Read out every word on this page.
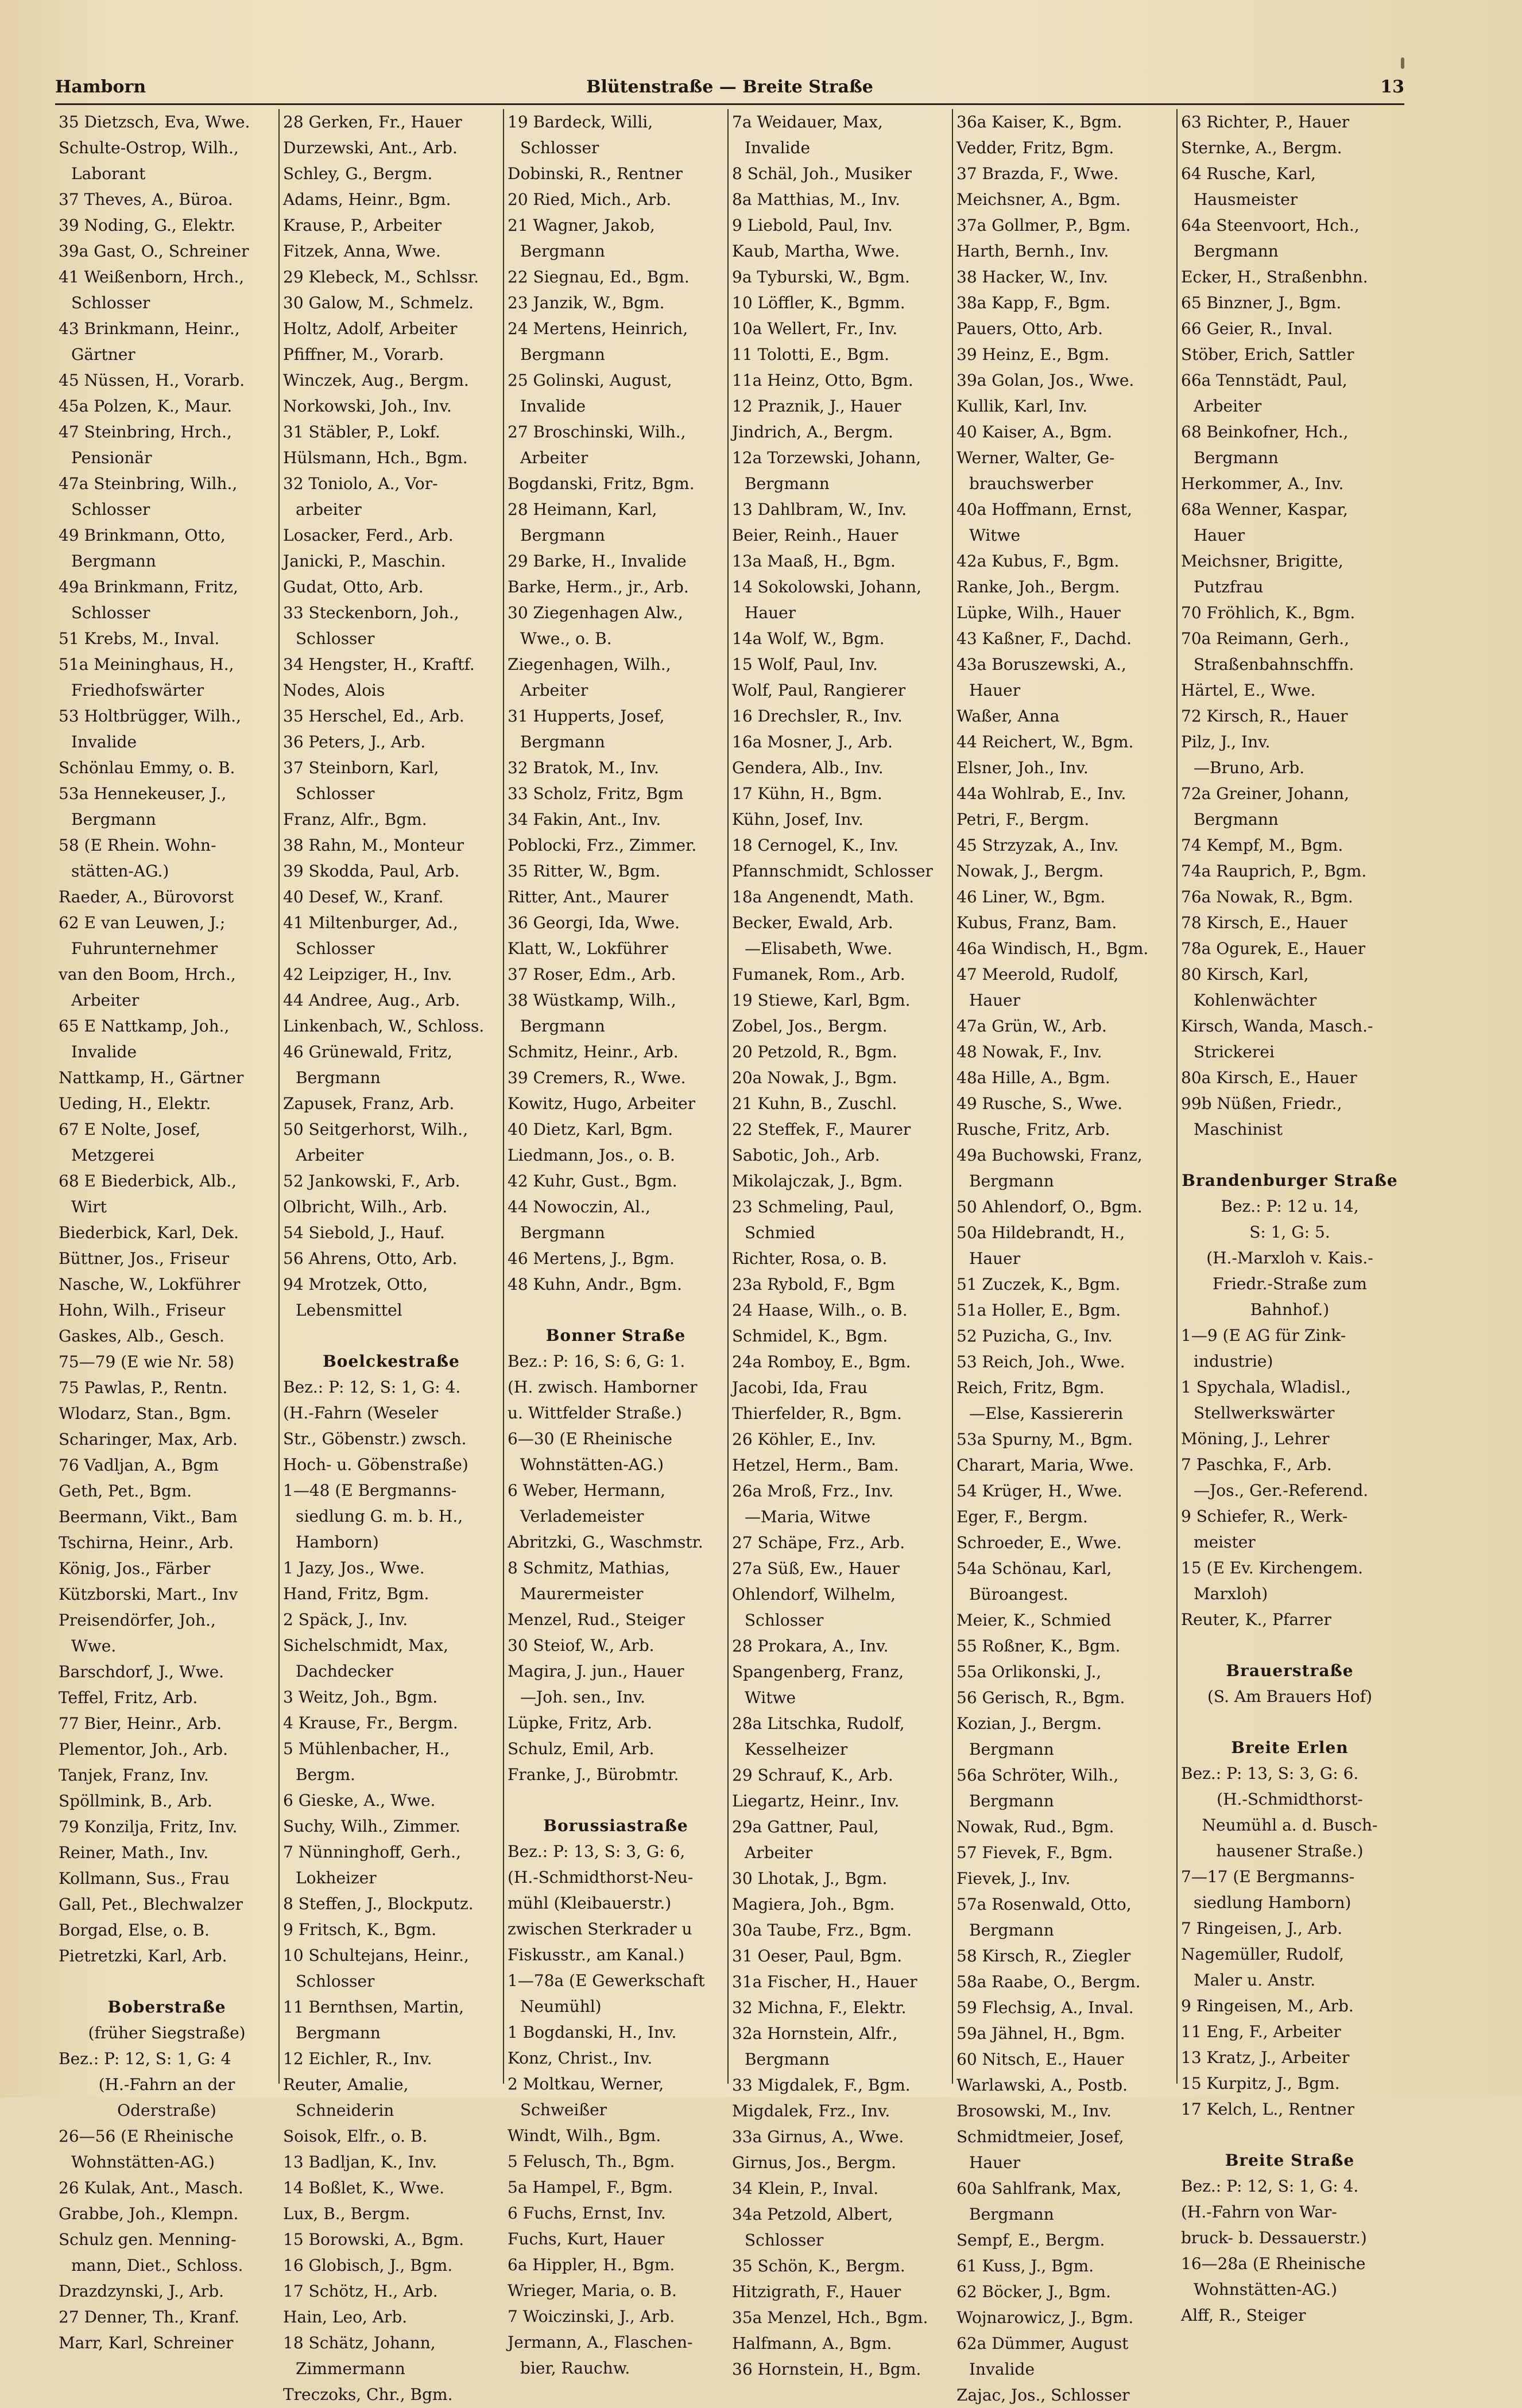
Hamborn	Blütenstraße — Breite Straße	13
35 Dietzsch, Eva, Wwe.
Schulte-Ostrop, Wilh.,
Laborant
37 Theves, A., Büroa.
39 Noding, G., Elektr.
39a Gast, O., Schreiner
41 Weißenborn, Hrch.,
Schlosser
43 Brinkmann, Heinr.,
Gärtner
45 Nüssen, H., Vorarb.
45a Polzen, K., Maur.
47 Steinbring, Hrch.,
Pensionär
47a Steinbring, Wilh.,
Schlosser
49 Brinkmann, Otto,
Bergmann
49a Brinkmann, Fritz,
Schlosser
51 Krebs, M., Inval.
51a Meininghaus, H.,
Friedhofswärter
53 Holtbrügger, Wilh.,
Invalide
Schönlau Emmy, o. B.
53a Hennekeuser, J.,
Bergmann
58 (E Rhein. Wohn-
stätten-AG.)
Raeder, A., Bürovorst
62 E van Leuwen, J.;
Fuhrunternehmer
van den Boom, Hrch.,
Arbeiter
65 E Nattkamp, Joh.,
Invalide
Nattkamp, H., Gärtner
Ueding, H., Elektr.
67 E Nolte, Josef,
Metzgerei
68 E Biederbick, Alb.,
Wirt
Biederbick, Karl, Dek.
Büttner, Jos., Friseur
Nasche, W., Lokführer
Hohn, Wilh., Friseur
Gaskes, Alb., Gesch.
75—79 (E wie Nr. 58)
75 Pawlas, P., Rentn.
Wlodarz, Stan., Bgm.
Scharinger, Max, Arb.
76 Vadljan, A., Bgm
Geth, Pet., Bgm.
Beermann, Vikt., Bam
Tschirna, Heinr., Arb.
König, Jos., Färber
Kützborski, Mart., Inv
Preisendörfer, Joh.,
Wwe.
Barschdorf, J., Wwe.
Teffel, Fritz, Arb.
77 Bier, Heinr., Arb.
Plementor, Joh., Arb.
Tanjek, Franz, Inv.
Spöllmink, B., Arb.
79 Konzilja, Fritz, Inv.
Reiner, Math., Inv.
Kollmann, Sus., Frau
Gall, Pet., Blechwalzer
Borgad, Else, o. B.
Pietretzki, Karl, Arb.
Boberstraße
(früher Siegstraße)
Bez.: P: 12, S: 1, G: 4
(H.-Fahrn an der
Oderstraße)
26—56 (E Rheinische
Wohnstätten-AG.)
26 Kulak, Ant., Masch.
Grabbe, Joh., Klempn.
Schulz gen. Menning-
mann, Diet., Schloss.
Drazdzynski, J., Arb.
27 Denner, Th., Kranf.
Marr, Karl, Schreiner
28 Gerken, Fr., Hauer
Durzewski, Ant., Arb.
Schley, G., Bergm.
Adams, Heinr., Bgm.
Krause, P., Arbeiter
Fitzek, Anna, Wwe.
29 Klebeck, M., Schlssr.
30 Galow, M., Schmelz.
Holtz, Adolf, Arbeiter
Pfiffner, M., Vorarb.
Winczek, Aug., Bergm.
Norkowski, Joh., Inv.
31 Stäbler, P., Lokf.
Hülsmann, Hch., Bgm.
32 Toniolo, A., Vor-
arbeiter
Losacker, Ferd., Arb.
Janicki, P., Maschin.
Gudat, Otto, Arb.
33 Steckenborn, Joh.,
Schlosser
34 Hengster, H., Kraftf.
Nodes, Alois
35 Herschel, Ed., Arb.
36 Peters, J., Arb.
37 Steinborn, Karl,
Schlosser
Franz, Alfr., Bgm.
38 Rahn, M., Monteur
39 Skodda, Paul, Arb.
40 Desef, W., Kranf.
41 Miltenburger, Ad.,
Schlosser
42 Leipziger, H., Inv.
44 Andree, Aug., Arb.
Linkenbach, W., Schloss.
46 Grünewald, Fritz,
Bergmann
Zapusek, Franz, Arb.
50 Seitgerhorst, Wilh.,
Arbeiter
52 Jankowski, F., Arb.
Olbricht, Wilh., Arb.
54 Siebold, J., Hauf.
56 Ahrens, Otto, Arb.
94 Mrotzek, Otto,
Lebensmittel
Boelckestraße
Bez.: P: 12, S: 1, G: 4.
(H.-Fahrn (Weseler
Str., Göbenstr.) zwsch.
Hoch- u. Göbenstraße)
1—48 (E Bergmanns-
siedlung G. m. b. H.,
Hamborn)
1 Jazy, Jos., Wwe.
Hand, Fritz, Bgm.
2 Späck, J., Inv.
Sichelschmidt, Max,
Dachdecker
3 Weitz, Joh., Bgm.
4 Krause, Fr., Bergm.
5 Mühlenbacher, H.,
Bergm.
6 Gieske, A., Wwe.
Suchy, Wilh., Zimmer.
7 Nünninghoff, Gerh.,
Lokheizer
8 Steffen, J., Blockputz.
9 Fritsch, K., Bgm.
10 Schultejans, Heinr.,
Schlosser
11 Bernthsen, Martin,
Bergmann
12 Eichler, R., Inv.
Reuter, Amalie,
Schneiderin
Soisok, Elfr., o. B.
13 Badljan, K., Inv.
14 Boßlet, K., Wwe.
Lux, B., Bergm.
15 Borowski, A., Bgm.
16 Globisch, J., Bgm.
17 Schötz, H., Arb.
Hain, Leo, Arb.
18 Schätz, Johann,
Zimmermann
Treczoks, Chr., Bgm.
19 Bardeck, Willi,
Schlosser
Dobinski, R., Rentner
20 Ried, Mich., Arb.
21 Wagner, Jakob,
Bergmann
22 Siegnau, Ed., Bgm.
23 Janzik, W., Bgm.
24 Mertens, Heinrich,
Bergmann
25 Golinski, August,
Invalide
27 Broschinski, Wilh.,
Arbeiter
Bogdanski, Fritz, Bgm.
28 Heimann, Karl,
Bergmann
29 Barke, H., Invalide
Barke, Herm., jr., Arb.
30 Ziegenhagen Alw.,
Wwe., o. B.
Ziegenhagen, Wilh.,
Arbeiter
31 Hupperts, Josef,
Bergmann
32 Bratok, M., Inv.
33 Scholz, Fritz, Bgm
34 Fakin, Ant., Inv.
Poblocki, Frz., Zimmer.
35 Ritter, W., Bgm.
Ritter, Ant., Maurer
36 Georgi, Ida, Wwe.
Klatt, W., Lokführer
37 Roser, Edm., Arb.
38 Wüstkamp, Wilh.,
Bergmann
Schmitz, Heinr., Arb.
39 Cremers, R., Wwe.
Kowitz, Hugo, Arbeiter
40 Dietz, Karl, Bgm.
Liedmann, Jos., o. B.
42 Kuhr, Gust., Bgm.
44 Nowoczin, Al.,
Bergmann
46 Mertens, J., Bgm.
48 Kuhn, Andr., Bgm.
Bonner Straße
Bez.: P: 16, S: 6, G: 1.
(H. zwisch. Hamborner
u. Wittfelder Straße.)
6—30 (E Rheinische
Wohnstätten-AG.)
6 Weber, Hermann,
Verlademeister
Abritzki, G., Waschmstr.
8 Schmitz, Mathias,
Maurermeister
Menzel, Rud., Steiger
30 Steiof, W., Arb.
Magira, J. jun., Hauer
—Joh. sen., Inv.
Lüpke, Fritz, Arb.
Schulz, Emil, Arb.
Franke, J., Bürobmtr.
Borussiastraße
Bez.: P: 13, S: 3, G: 6,
(H.-Schmidthorst-Neu-
mühl (Kleibauerstr.)
zwischen Sterkrader u
Fiskusstr., am Kanal.)
1—78a (E Gewerkschaft
Neumühl)
1 Bogdanski, H., Inv.
Konz, Christ., Inv.
2 Moltkau, Werner,
Schweißer
Windt, Wilh., Bgm.
5 Felusch, Th., Bgm.
5a Hampel, F., Bgm.
6 Fuchs, Ernst, Inv.
Fuchs, Kurt, Hauer
6a Hippler, H., Bgm.
Wrieger, Maria, o. B.
7 Woiczinski, J., Arb.
Jermann, A., Flaschen-
bier, Rauchw.
7a Weidauer, Max,
Invalide
8 Schäl, Joh., Musiker
8a Matthias, M., Inv.
9 Liebold, Paul, Inv.
Kaub, Martha, Wwe.
9a Tyburski, W., Bgm.
10 Löffler, K., Bgmm.
10a Wellert, Fr., Inv.
11 Tolotti, E., Bgm.
11a Heinz, Otto, Bgm.
12 Praznik, J., Hauer
Jindrich, A., Bergm.
12a Torzewski, Johann,
Bergmann
13 Dahlbram, W., Inv.
Beier, Reinh., Hauer
13a Maaß, H., Bgm.
14 Sokolowski, Johann,
Hauer
14a Wolf, W., Bgm.
15 Wolf, Paul, Inv.
Wolf, Paul, Rangierer
16 Drechsler, R., Inv.
16a Mosner, J., Arb.
Gendera, Alb., Inv.
17 Kühn, H., Bgm.
Kühn, Josef, Inv.
18 Cernogel, K., Inv.
Pfannschmidt, Schlosser
18a Angenendt, Math.
Becker, Ewald, Arb.
—Elisabeth, Wwe.
Fumanek, Rom., Arb.
19 Stiewe, Karl, Bgm.
Zobel, Jos., Bergm.
20 Petzold, R., Bgm.
20a Nowak, J., Bgm.
21 Kuhn, B., Zuschl.
22 Steffek, F., Maurer
Sabotic, Joh., Arb.
Mikolajczak, J., Bgm.
23 Schmeling, Paul,
Schmied
Richter, Rosa, o. B.
23a Rybold, F., Bgm
24 Haase, Wilh., o. B.
Schmidel, K., Bgm.
24a Romboy, E., Bgm.
Jacobi, Ida, Frau
Thierfelder, R., Bgm.
26 Köhler, E., Inv.
Hetzel, Herm., Bam.
26a Mroß, Frz., Inv.
—Maria, Witwe
27 Schäpe, Frz., Arb.
27a Süß, Ew., Hauer
Ohlendorf, Wilhelm,
Schlosser
28 Prokara, A., Inv.
Spangenberg, Franz,
Witwe
28a Litschka, Rudolf,
Kesselheizer
29 Schrauf, K., Arb.
Liegartz, Heinr., Inv.
29a Gattner, Paul,
Arbeiter
30 Lhotak, J., Bgm.
Magiera, Joh., Bgm.
30a Taube, Frz., Bgm.
31 Oeser, Paul, Bgm.
31a Fischer, H., Hauer
32 Michna, F., Elektr.
32a Hornstein, Alfr.,
Bergmann
33 Migdalek, F., Bgm.
Migdalek, Frz., Inv.
33a Girnus, A., Wwe.
Girnus, Jos., Bergm.
34 Klein, P., Inval.
34a Petzold, Albert,
Schlosser
35 Schön, K., Bergm.
Hitzigrath, F., Hauer
35a Menzel, Hch., Bgm.
Halfmann, A., Bgm.
36 Hornstein, H., Bgm.
36a Kaiser, K., Bgm.
Vedder, Fritz, Bgm.
37 Brazda, F., Wwe.
Meichsner, A., Bgm.
37a Gollmer, P., Bgm.
Harth, Bernh., Inv.
38 Hacker, W., Inv.
38a Kapp, F., Bgm.
Pauers, Otto, Arb.
39 Heinz, E., Bgm.
39a Golan, Jos., Wwe.
Kullik, Karl, Inv.
40 Kaiser, A., Bgm.
Werner, Walter, Ge-
brauchswerber
40a Hoffmann, Ernst,
Witwe
42a Kubus, F., Bgm.
Ranke, Joh., Bergm.
Lüpke, Wilh., Hauer
43 Kaßner, F., Dachd.
43a Boruszewski, A.,
Hauer
Waßer, Anna
44 Reichert, W., Bgm.
Elsner, Joh., Inv.
44a Wohlrab, E., Inv.
Petri, F., Bergm.
45 Strzyzak, A., Inv.
Nowak, J., Bergm.
46 Liner, W., Bgm.
Kubus, Franz, Bam.
46a Windisch, H., Bgm.
47 Meerold, Rudolf,
Hauer
47a Grün, W., Arb.
48 Nowak, F., Inv.
48a Hille, A., Bgm.
49 Rusche, S., Wwe.
Rusche, Fritz, Arb.
49a Buchowski, Franz,
Bergmann
50 Ahlendorf, O., Bgm.
50a Hildebrandt, H.,
Hauer
51 Zuczek, K., Bgm.
51a Holler, E., Bgm.
52 Puzicha, G., Inv.
53 Reich, Joh., Wwe.
Reich, Fritz, Bgm.
—Else, Kassiererin
53a Spurny, M., Bgm.
Charart, Maria, Wwe.
54 Krüger, H., Wwe.
Eger, F., Bergm.
Schroeder, E., Wwe.
54a Schönau, Karl,
Büroangest.
Meier, K., Schmied
55 Roßner, K., Bgm.
55a Orlikonski, J.,
56 Gerisch, R., Bgm.
Kozian, J., Bergm.
Bergmann
56a Schröter, Wilh.,
Bergmann
Nowak, Rud., Bgm.
57 Fievek, F., Bgm.
Fievek, J., Inv.
57a Rosenwald, Otto,
Bergmann
58 Kirsch, R., Ziegler
58a Raabe, O., Bergm.
59 Flechsig, A., Inval.
59a Jähnel, H., Bgm.
60 Nitsch, E., Hauer
Warlawski, A., Postb.
Brosowski, M., Inv.
Schmidtmeier, Josef,
Hauer
60a Sahlfrank, Max,
Bergmann
Sempf, E., Bergm.
61 Kuss, J., Bgm.
62 Böcker, J., Bgm.
Wojnarowicz, J., Bgm.
62a Dümmer, August
Invalide
Zajac, Jos., Schlosser
63 Richter, P., Hauer
Sternke, A., Bergm.
64 Rusche, Karl,
Hausmeister
64a Steenvoort, Hch.,
Bergmann
Ecker, H., Straßenbhn.
65 Binzner, J., Bgm.
66 Geier, R., Inval.
Stöber, Erich, Sattler
66a Tennstädt, Paul,
Arbeiter
68 Beinkofner, Hch.,
Bergmann
Herkommer, A., Inv.
68a Wenner, Kaspar,
Hauer
Meichsner, Brigitte,
Putzfrau
70 Fröhlich, K., Bgm.
70a Reimann, Gerh.,
Straßenbahnschffn.
Härtel, E., Wwe.
72 Kirsch, R., Hauer
Pilz, J., Inv.
—Bruno, Arb.
72a Greiner, Johann,
Bergmann
74 Kempf, M., Bgm.
74a Rauprich, P., Bgm.
76a Nowak, R., Bgm.
78 Kirsch, E., Hauer
78a Ogurek, E., Hauer
80 Kirsch, Karl,
Kohlenwächter
Kirsch, Wanda, Masch.-
Strickerei
80a Kirsch, E., Hauer
99b Nüßen, Friedr.,
Maschinist
Brandenburger Straße
Bez.: P: 12 u. 14,
S: 1, G: 5.
(H.-Marxloh v. Kais.-
Friedr.-Straße zum
Bahnhof.)
1—9 (E AG für Zink-
industrie)
1 Spychala, Wladisl.,
Stellwerkswärter
Möning, J., Lehrer
7 Paschka, F., Arb.
—Jos., Ger.-Referend.
9 Schiefer, R., Werk-
meister
15 (E Ev. Kirchengem.
Marxloh)
Reuter, K., Pfarrer
Brauerstraße
(S. Am Brauers Hof)
Breite Erlen
Bez.: P: 13, S: 3, G: 6.
(H.-Schmidthorst-
Neumühl a. d. Busch-
hausener Straße.)
7—17 (E Bergmanns-
siedlung Hamborn)
7 Ringeisen, J., Arb.
Nagemüller, Rudolf,
Maler u. Anstr.
9 Ringeisen, M., Arb.
11 Eng, F., Arbeiter
13 Kratz, J., Arbeiter
15 Kurpitz, J., Bgm.
17 Kelch, L., Rentner
Breite Straße
Bez.: P: 12, S: 1, G: 4.
(H.-Fahrn von War-
bruck- b. Dessauerstr.)
16—28a (E Rheinische
Wohnstätten-AG.)
Alff, R., Steiger
